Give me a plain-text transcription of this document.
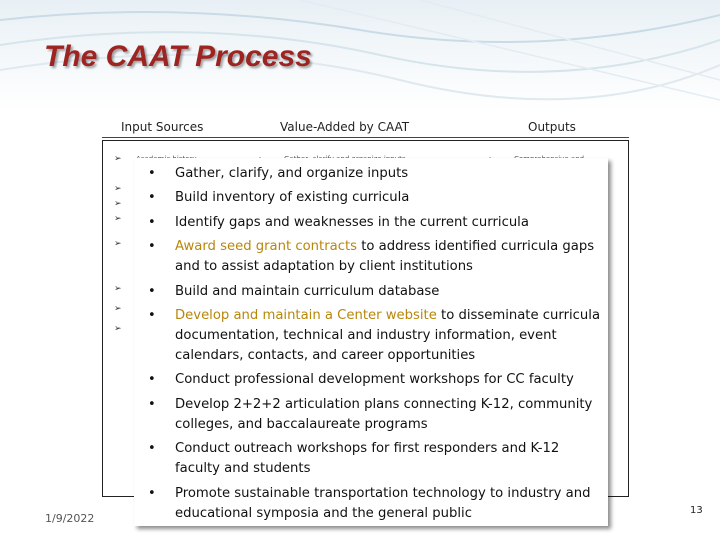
The CAAT Process
Input Sources	Value-Added by CAAT	Outputs
➢
➢
➢
➢
➢
➢
➢
➢
• Gather, clarify, and organize inputs
• Build inventory of existing curricula
• Identify gaps and weaknesses in the current curricula
• Award seed grant contracts to address identified curricula gaps and to assist adaptation by client institutions
• Build and maintain curriculum database
• Develop and maintain a Center website to disseminate curricula documentation, technical and industry information, event calendars, contacts, and career opportunities
• Conduct professional development workshops for CC faculty
• Develop 2+2+2 articulation plans connecting K-12, community colleges, and baccalaureate programs
• Conduct outreach workshops for first responders and K-12 faculty and students
• Promote sustainable transportation technology to industry and educational symposia and the general public
1/9/2022
13
